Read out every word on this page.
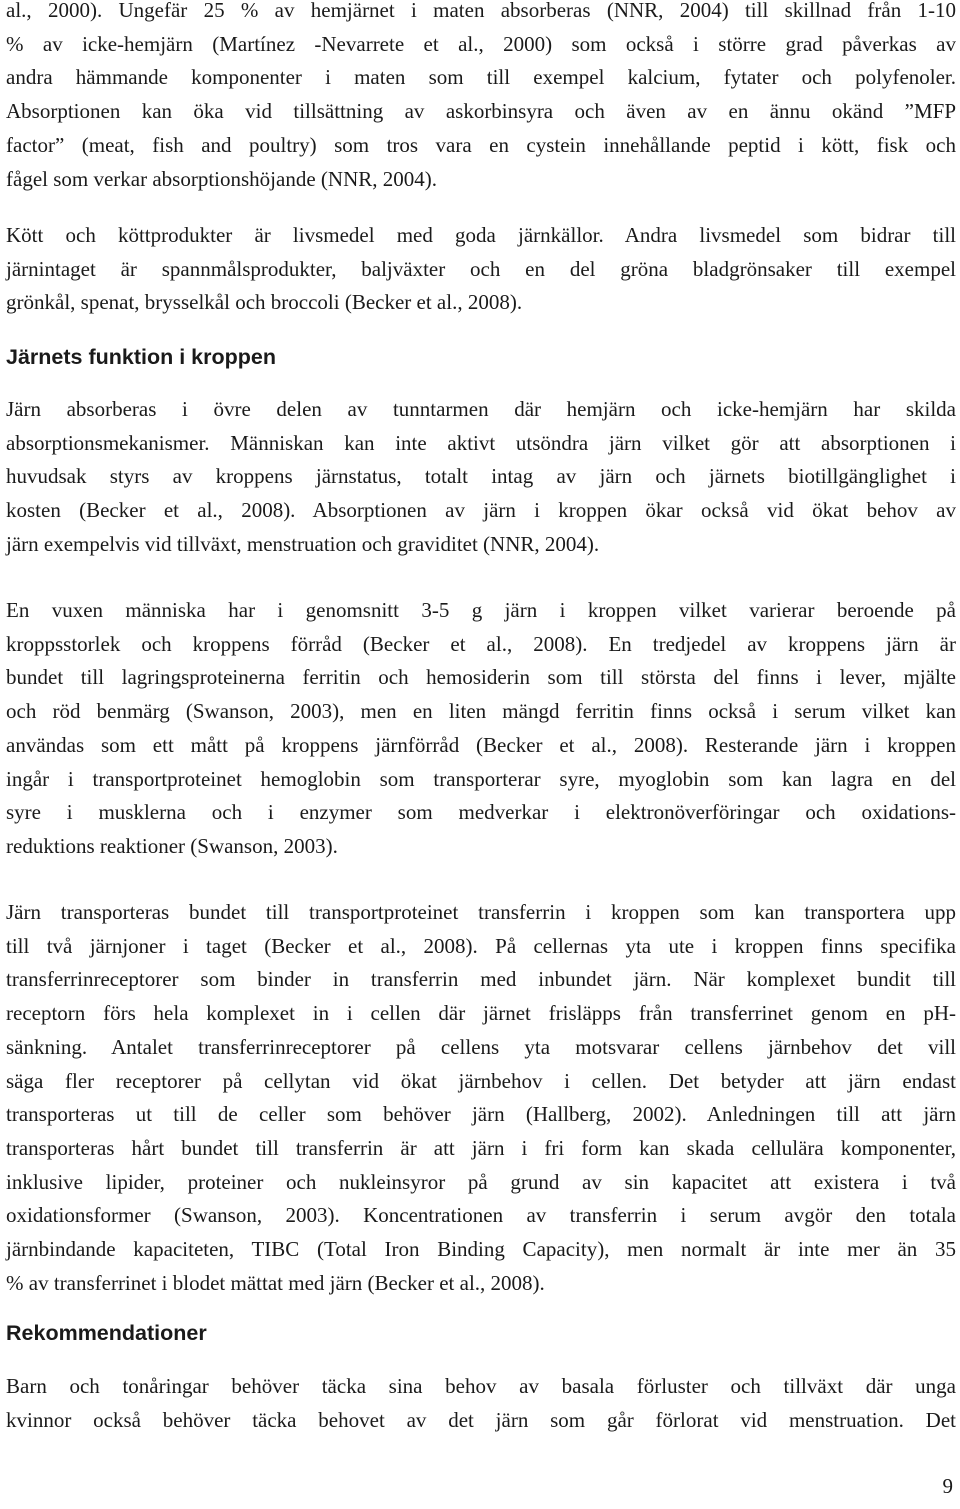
al., 2000). Ungefär 25 % av hemjärnet i maten absorberas (NNR, 2004) till skillnad från 1-10
% av icke-hemjärn (Martínez -Nevarrete et al., 2000) som också i större grad påverkas av
andra hämmande komponenter i maten som till exempel kalcium, fytater och polyfenoler.
Absorptionen kan öka vid tillsättning av askorbinsyra och även av en ännu okänd ”MFP
factor” (meat, fish and poultry) som tros vara en cystein innehållande peptid i kött, fisk och
fågel som verkar absorptionshöjande (NNR, 2004).

Kött och köttprodukter är livsmedel med goda järnkällor. Andra livsmedel som bidrar till
järnintaget är spannmålsprodukter, baljväxter och en del gröna bladgrönsaker till exempel
grönkål, spenat, brysselkål och broccoli (Becker et al., 2008).

Järnets funktion i kroppen

Järn absorberas i övre delen av tunntarmen där hemjärn och icke-hemjärn har skilda
absorptionsmekanismer. Människan kan inte aktivt utsöndra järn vilket gör att absorptionen i
huvudsak styrs av kroppens järnstatus, totalt intag av järn och järnets biotillgänglighet i
kosten (Becker et al., 2008). Absorptionen av järn i kroppen ökar också vid ökat behov av
järn exempelvis vid tillväxt, menstruation och graviditet (NNR, 2004).

En vuxen människa har i genomsnitt 3-5 g järn i kroppen vilket varierar beroende på
kroppsstorlek och kroppens förråd (Becker et al., 2008). En tredjedel av kroppens järn är
bundet till lagringsproteinerna ferritin och hemosiderin som till största del finns i lever, mjälte
och röd benmärg (Swanson, 2003), men en liten mängd ferritin finns också i serum vilket kan
användas som ett mått på kroppens järnförråd (Becker et al., 2008). Resterande järn i kroppen
ingår i transportproteinet hemoglobin som transporterar syre, myoglobin som kan lagra en del
syre i musklerna och i enzymer som medverkar i elektronöverföringar och oxidations-
reduktions reaktioner (Swanson, 2003).

Järn transporteras bundet till transportproteinet transferrin i kroppen som kan transportera upp
till två järnjoner i taget (Becker et al., 2008). På cellernas yta ute i kroppen finns specifika
transferrinreceptorer som binder in transferrin med inbundet järn. När komplexet bundit till
receptorn förs hela komplexet in i cellen där järnet frisläpps från transferrinet genom en pH-
sänkning. Antalet transferrinreceptorer på cellens yta motsvarar cellens järnbehov det vill
säga fler receptorer på cellytan vid ökat järnbehov i cellen. Det betyder att järn endast
transporteras ut till de celler som behöver järn (Hallberg, 2002). Anledningen till att järn
transporteras hårt bundet till transferrin är att järn i fri form kan skada cellulära komponenter,
inklusive lipider, proteiner och nukleinsyror på grund av sin kapacitet att existera i två
oxidationsformer (Swanson, 2003). Koncentrationen av transferrin i serum avgör den totala
järnbindande kapaciteten, TIBC (Total Iron Binding Capacity), men normalt är inte mer än 35
% av transferrinet i blodet mättat med järn (Becker et al., 2008).

Rekommendationer

Barn och tonåringar behöver täcka sina behov av basala förluster och tillväxt där unga
kvinnor också behöver täcka behovet av det järn som går förlorat vid menstruation. Det

9
